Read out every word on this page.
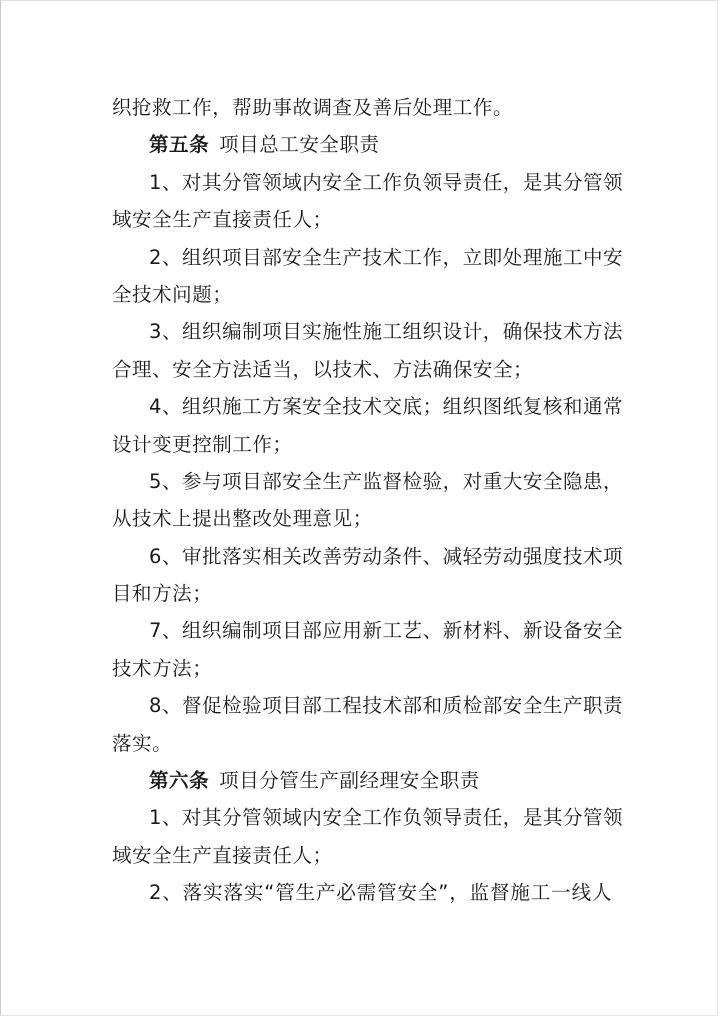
织抢救工作，帮助事故调查及善后处理工作。
第五条 项目总工安全职责
1、对其分管领域内安全工作负领导责任，是其分管领
域安全生产直接责任人；
2、组织项目部安全生产技术工作，立即处理施工中安
全技术问题；
3、组织编制项目实施性施工组织设计，确保技术方法
合理、安全方法适当，以技术、方法确保安全；
4、组织施工方案安全技术交底；组织图纸复核和通常
设计变更控制工作；
5、参与项目部安全生产监督检验，对重大安全隐患，
从技术上提出整改处理意见；
6、审批落实相关改善劳动条件、减轻劳动强度技术项
目和方法；
7、组织编制项目部应用新工艺、新材料、新设备安全
技术方法；
8、督促检验项目部工程技术部和质检部安全生产职责
落实。
第六条 项目分管生产副经理安全职责
1、对其分管领域内安全工作负领导责任，是其分管领
域安全生产直接责任人；
2、落实落实“管生产必需管安全”，监督施工一线人
